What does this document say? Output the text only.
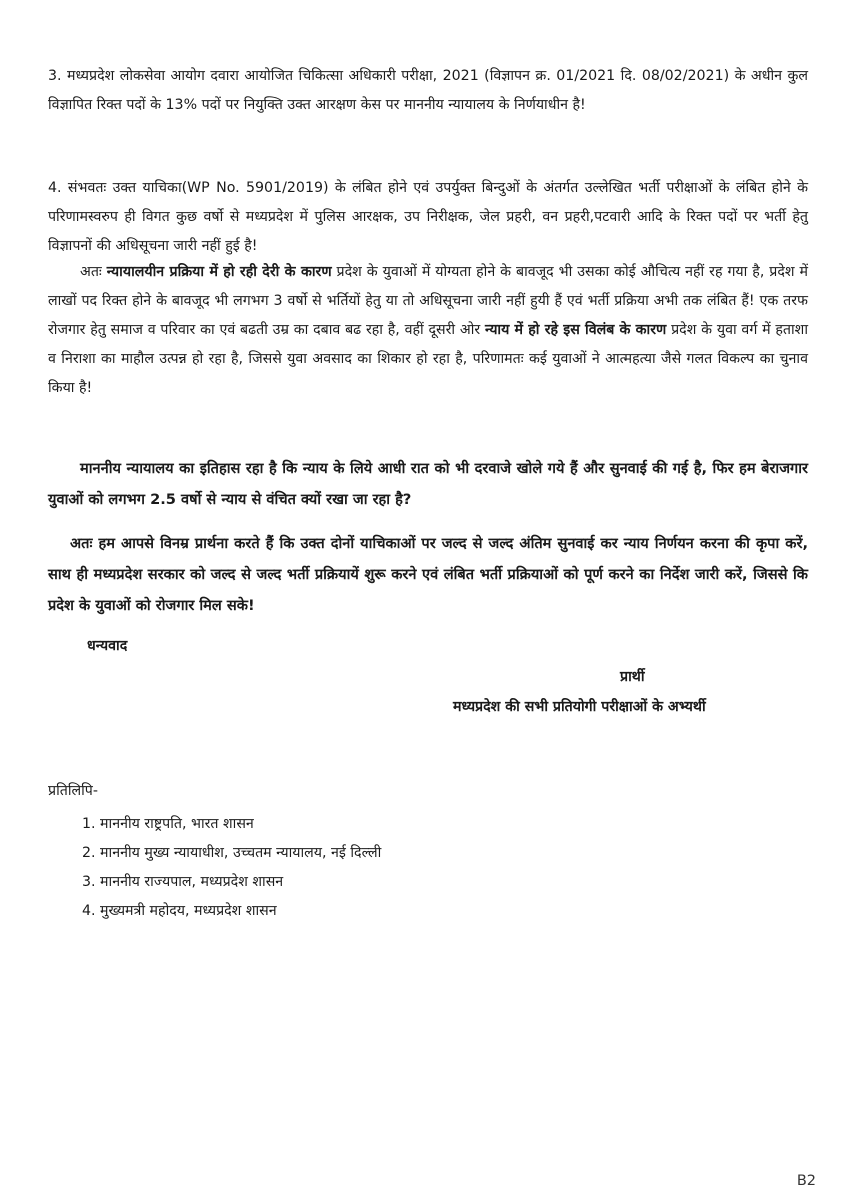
3. मध्यप्रदेश लोकसेवा आयोग दवारा आयोजित चिकित्सा अधिकारी परीक्षा, 2021 (विज्ञापन क्र. 01/2021 दि. 08/02/2021) के अधीन कुल विज्ञापित रिक्त पदों के 13% पदों पर नियुक्ति उक्त आरक्षण केस पर माननीय न्यायालय के निर्णयाधीन है!

4. संभवतः उक्त याचिका(WP No. 5901/2019) के लंबित होने एवं उपर्युक्त बिन्दुओं के अंतर्गत उल्लेखित भर्ती परीक्षाओं के लंबित होने के परिणामस्वरुप ही विगत कुछ वर्षो से मध्यप्रदेश में पुलिस आरक्षक, उप निरीक्षक, जेल प्रहरी, वन प्रहरी,पटवारी आदि के रिक्त पदों पर भर्ती हेतु विज्ञापनों की अधिसूचना जारी नहीं हुई है!

अतः न्यायालयीन प्रक्रिया में हो रही देरी के कारण प्रदेश के युवाओं में योग्यता होने के बावजूद भी उसका कोई औचित्य नहीं रह गया है, प्रदेश में लाखों पद रिक्त होने के बावजूद भी लगभग 3 वर्षो से भर्तियों हेतु या तो अधिसूचना जारी नहीं हुयी हैं एवं भर्ती प्रक्रिया अभी तक लंबित हैं! एक तरफ रोजगार हेतु समाज व परिवार का एवं बढती उम्र का दबाव बढ रहा है, वहीं दूसरी ओर न्याय में हो रहे इस विलंब के कारण प्रदेश के युवा वर्ग में हताशा व निराशा का माहौल उत्पन्न हो रहा है, जिससे युवा अवसाद का शिकार हो रहा है, परिणामतः कई युवाओं ने आत्महत्या जैसे गलत विकल्प का चुनाव किया है!

माननीय न्यायालय का इतिहास रहा है कि न्याय के लिये आधी रात को भी दरवाजे खोले गये हैं और सुनवाई की गई है, फिर हम बेराजगार युवाओं को लगभग 2.5 वर्षो से न्याय से वंचित क्यों रखा जा रहा है?

अतः हम आपसे विनम्र प्रार्थना करते हैं कि उक्त दोनों याचिकाओं पर जल्द से जल्द अंतिम सुनवाई कर न्याय निर्णयन करना की कृपा करें, साथ ही मध्यप्रदेश सरकार को जल्द से जल्द भर्ती प्रक्रियायें शुरू करने एवं लंबित भर्ती प्रक्रियाओं को पूर्ण करने का निर्देश जारी करें, जिससे कि प्रदेश के युवाओं को रोजगार मिल सके!

धन्यवाद
प्रार्थी
मध्यप्रदेश की सभी प्रतियोगी परीक्षाओं के अभ्यर्थी
प्रतिलिपि-
1. माननीय राष्ट्रपति, भारत शासन
2. माननीय मुख्य न्यायाधीश, उच्चतम न्यायालय, नई दिल्ली
3. माननीय राज्यपाल, मध्यप्रदेश शासन
4. मुख्यमत्री महोदय, मध्यप्रदेश शासन
B2
